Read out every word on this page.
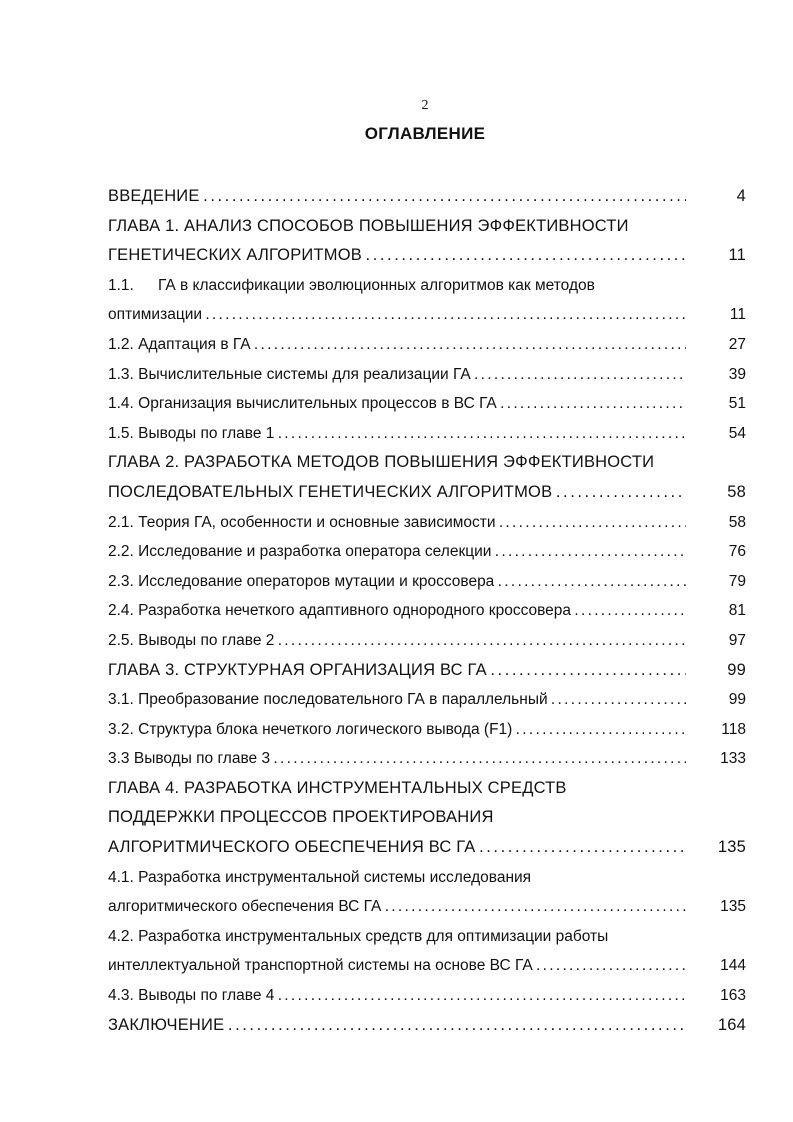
2
ОГЛАВЛЕНИЕ
ВВЕДЕНИЕ . . .	4
ГЛАВА 1. АНАЛИЗ СПОСОБОВ ПОВЫШЕНИЯ ЭФФЕКТИВНОСТИ
ГЕНЕТИЧЕСКИХ АЛГОРИТМОВ . . .	11
1.1. ГА в классификации эволюционных алгоритмов как методов
оптимизации . . .	11
1.2. Адаптация в ГА . . .	27
1.3. Вычислительные системы для реализации ГА . . .	39
1.4. Организация вычислительных процессов в ВС ГА . . .	51
1.5. Выводы по главе 1 . . .	54
ГЛАВА 2. РАЗРАБОТКА МЕТОДОВ ПОВЫШЕНИЯ ЭФФЕКТИВНОСТИ
ПОСЛЕДОВАТЕЛЬНЫХ ГЕНЕТИЧЕСКИХ АЛГОРИТМОВ . . .	58
2.1. Теория ГА, особенности и основные зависимости . . .	58
2.2. Исследование и разработка оператора селекции . . .	76
2.3. Исследование операторов мутации и кроссовера . . .	79
2.4. Разработка нечеткого адаптивного однородного кроссовера . . .	81
2.5. Выводы по главе 2 . . .	97
ГЛАВА 3. СТРУКТУРНАЯ ОРГАНИЗАЦИЯ ВС ГА . . .	99
3.1. Преобразование последовательного ГА в параллельный . . .	99
3.2. Структура блока нечеткого логического вывода (F1) . . .	118
3.3 Выводы по главе 3 . . .	133
ГЛАВА 4. РАЗРАБОТКА ИНСТРУМЕНТАЛЬНЫХ СРЕДСТВ
ПОДДЕРЖКИ ПРОЦЕССОВ ПРОЕКТИРОВАНИЯ
АЛГОРИТМИЧЕСКОГО ОБЕСПЕЧЕНИЯ ВС ГА . . .	135
4.1. Разработка инструментальной системы исследования
алгоритмического обеспечения ВС ГА . . .	135
4.2. Разработка инструментальных средств для оптимизации работы
интеллектуальной транспортной системы на основе ВС ГА . . .	144
4.3. Выводы по главе 4 . . .	163
ЗАКЛЮЧЕНИЕ . . .	164
